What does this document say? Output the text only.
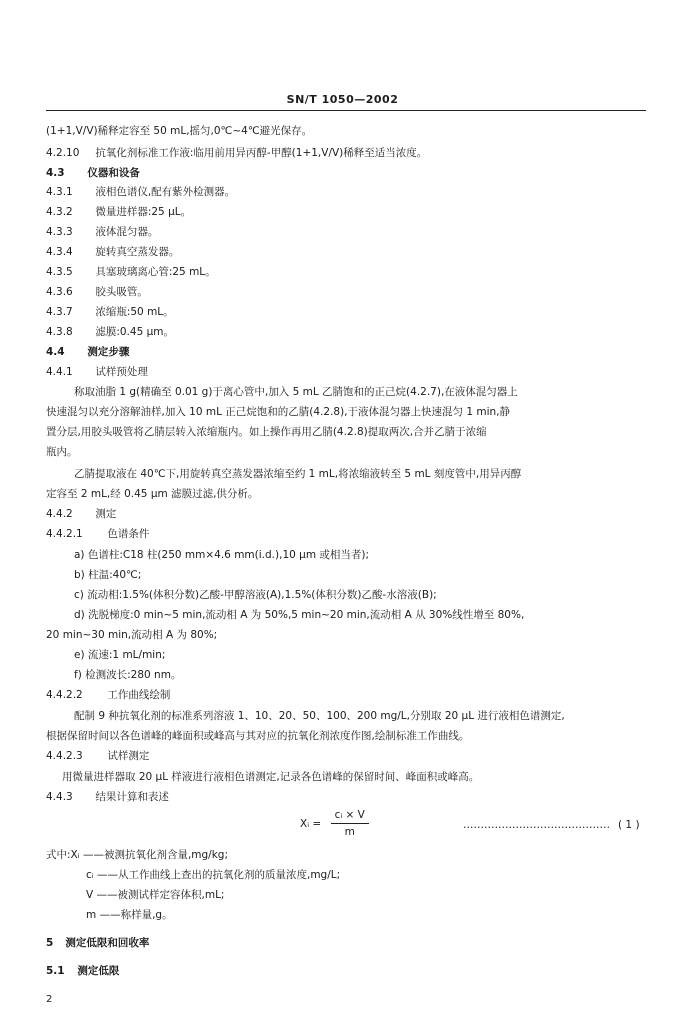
SN/T 1050—2002
(1+1,V/V)稀释定容至 50 mL,摇匀,0℃~4℃避光保存。
4.2.10 抗氧化剂标准工作液:临用前用异丙醇-甲醇(1+1,V/V)稀释至适当浓度。
4.3 仪器和设备
4.3.1 液相色谱仪,配有紫外检测器。
4.3.2 微量进样器:25 μL。
4.3.3 液体混匀器。
4.3.4 旋转真空蒸发器。
4.3.5 具塞玻璃离心管:25 mL。
4.3.6 胶头吸管。
4.3.7 浓缩瓶:50 mL。
4.3.8 滤膜:0.45 μm。
4.4 测定步骤
4.4.1 试样预处理
称取油脂 1 g(精确至 0.01 g)于离心管中,加入 5 mL 乙腈饱和的正己烷(4.2.7),在液体混匀器上
快速混匀以充分溶解油样,加入 10 mL 正己烷饱和的乙腈(4.2.8),于液体混匀器上快速混匀 1 min,静
置分层,用胶头吸管将乙腈层转入浓缩瓶内。如上操作再用乙腈(4.2.8)提取两次,合并乙腈于浓缩
瓶内。
乙腈提取液在 40℃下,用旋转真空蒸发器浓缩至约 1 mL,将浓缩液转至 5 mL 刻度管中,用异丙醇
定容至 2 mL,经 0.45 μm 滤膜过滤,供分析。
4.4.2 测定
4.4.2.1 色谱条件
a) 色谱柱:C18 柱(250 mm×4.6 mm(i.d.),10 μm 或相当者);
b) 柱温:40℃;
c) 流动相:1.5%(体积分数)乙酸-甲醇溶液(A),1.5%(体积分数)乙酸-水溶液(B);
d) 洗脱梯度:0 min~5 min,流动相 A 为 50%,5 min~20 min,流动相 A 从 30%线性增至 80%,
20 min~30 min,流动相 A 为 80%;
e) 流速:1 mL/min;
f) 检测波长:280 nm。
4.4.2.2 工作曲线绘制
配制 9 种抗氧化剂的标准系列溶液 1、10、20、50、100、200 mg/L,分别取 20 μL 进行液相色谱测定,
根据保留时间以各色谱峰的峰面积或峰高与其对应的抗氧化剂浓度作图,绘制标准工作曲线。
4.4.2.3 试样测定
用微量进样器取 20 μL 样液进行液相色谱测定,记录各色谱峰的保留时间、峰面积或峰高。
4.4.3 结果计算和表述
Xᵢ = $\frac{\text{cᵢ × V}}{m}$	…………………………………… ( 1 )
式中:Xᵢ ——被测抗氧化剂含量,mg/kg;
cᵢ ——从工作曲线上查出的抗氧化剂的质量浓度,mg/L;
V ——被测试样定容体积,mL;
m ——称样量,g。
5 测定低限和回收率
5.1 测定低限
2
